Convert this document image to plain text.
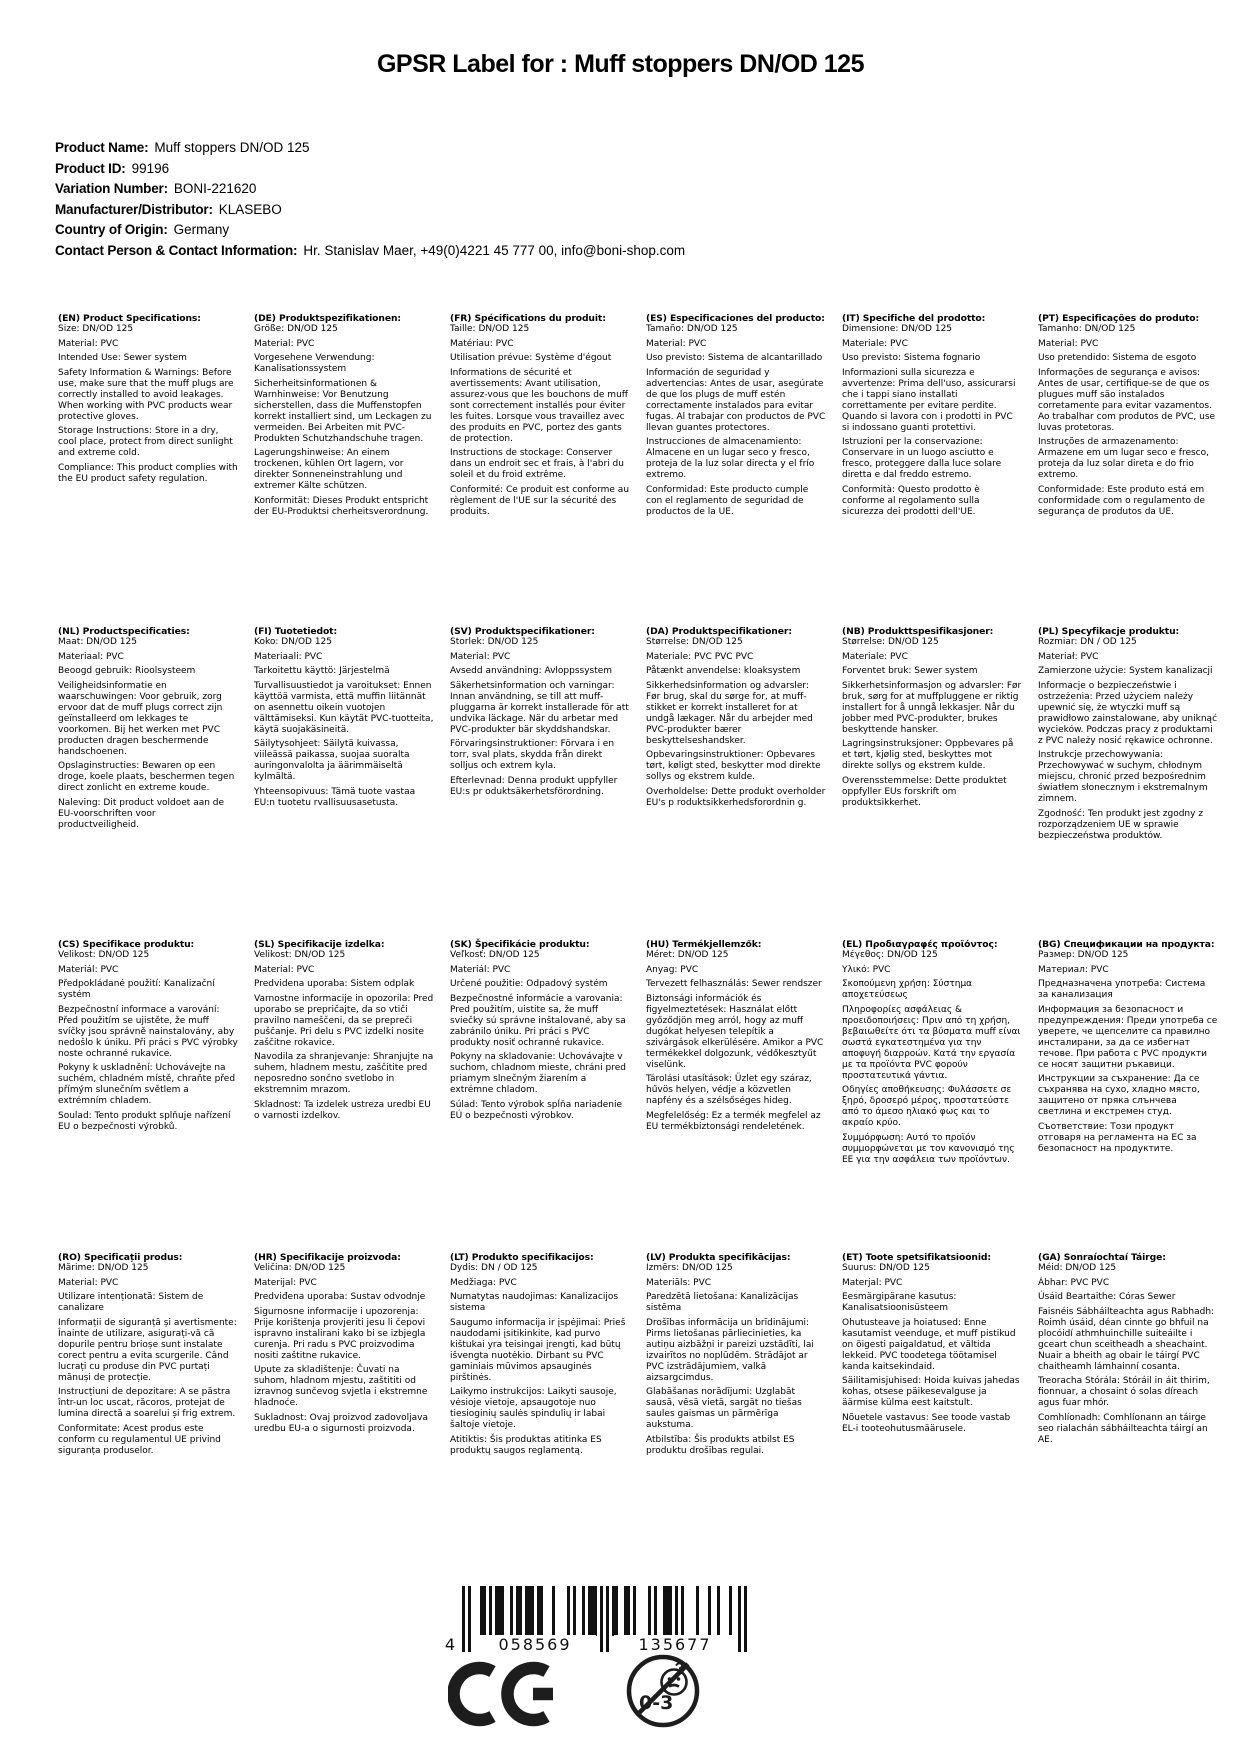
GPSR Label for : Muff stoppers DN/OD 125
Product Name: Muff stoppers DN/OD 125
Product ID: 99196
Variation Number: BONI-221620
Manufacturer/Distributor: KLASEBO
Country of Origin: Germany
Contact Person & Contact Information: Hr. Stanislav Maer, +49(0)4221 45 777 00, info@boni-shop.com
(EN) Product Specifications:

Size: DN/OD 125

Material: PVC

Intended Use: Sewer system

Safety Information & Warnings: Before use, make sure that the muff plugs are correctly installed to avoid leakages. When working with PVC products wear protective gloves.

Storage Instructions: Store in a dry, cool place, protect from direct sunlight and extreme cold.

Compliance: This product complies with the EU product safety regulation.

(DE) Produktspezifikationen:

Größe: DN/OD 125

Material: PVC

Vorgesehene Verwendung: Kanalisationssystem

Sicherheitsinformationen & Warnhinweise: Vor Benutzung sicherstellen, dass die Muffenstopfen korrekt installiert sind, um Leckagen zu vermeiden. Bei Arbeiten mit PVC-Produkten Schutzhandschuhe tragen.

Lagerungshinweise: An einem trockenen, kühlen Ort lagern, vor direkter Sonneneinstrahlung und extremer Kälte schützen.

Konformität: Dieses Produkt entspricht der EU-Produktsi cherheitsverordnung.

(FR) Spécifications du produit:

Taille: DN/OD 125

Matériau: PVC

Utilisation prévue: Système d'égout

Informations de sécurité et avertissements: Avant utilisation, assurez-vous que les bouchons de muff sont correctement installés pour éviter les fuites. Lorsque vous travaillez avec des produits en PVC, portez des gants de protection.

Instructions de stockage: Conserver dans un endroit sec et frais, à l'abri du soleil et du froid extrême.

Conformité: Ce produit est conforme au règlement de l'UE sur la sécurité des produits.

(ES) Especificaciones del producto:

Tamaño: DN/OD 125

Material: PVC

Uso previsto: Sistema de alcantarillado

Información de seguridad y advertencias: Antes de usar, asegúrate de que los plugs de muff estén correctamente instalados para evitar fugas. Al trabajar con productos de PVC llevan guantes protectores.

Instrucciones de almacenamiento: Almacene en un lugar seco y fresco, proteja de la luz solar directa y el frío extremo.

Conformidad: Este producto cumple con el reglamento de seguridad de productos de la UE.

(IT) Specifiche del prodotto:

Dimensione: DN/OD 125

Materiale: PVC

Uso previsto: Sistema fognario

Informazioni sulla sicurezza e avvertenze: Prima dell'uso, assicurarsi che i tappi siano installati correttamente per evitare perdite. Quando si lavora con i prodotti in PVC si indossano guanti protettivi.

Istruzioni per la conservazione: Conservare in un luogo asciutto e fresco, proteggere dalla luce solare diretta e dal freddo estremo.

Conformità: Questo prodotto è conforme al regolamento sulla sicurezza dei prodotti dell'UE.

(PT) Especificações do produto:

Tamanho: DN/OD 125

Material: PVC

Uso pretendido: Sistema de esgoto

Informações de segurança e avisos: Antes de usar, certifique-se de que os plugues muff são instalados corretamente para evitar vazamentos. Ao trabalhar com produtos de PVC, use luvas protetoras.

Instruções de armazenamento: Armazene em um lugar seco e fresco, proteja da luz solar direta e do frio extremo.

Conformidade: Este produto está em conformidade com o regulamento de segurança de produtos da UE.

(NL) Productspecificaties:

Maat: DN/OD 125

Materiaal: PVC

Beoogd gebruik: Rioolsysteem

Veiligheidsinformatie en waarschuwingen: Voor gebruik, zorg ervoor dat de muff plugs correct zijn geïnstalleerd om lekkages te voorkomen. Bij het werken met PVC producten dragen beschermende handschoenen.

Opslaginstructies: Bewaren op een droge, koele plaats, beschermen tegen direct zonlicht en extreme koude.

Naleving: Dit product voldoet aan de EU-voorschriften voor productveiligheid.

(FI) Tuotetiedot:

Koko: DN/OD 125

Materiaali: PVC

Tarkoitettu käyttö: Järjestelmä

Turvallisuustiedot ja varoitukset: Ennen käyttöä varmista, että muffin liitännät on asennettu oikein vuotojen välttämiseksi. Kun käytät PVC-tuotteita, käytä suojakäsineitä.

Säilytysohjeet: Säilytä kuivassa, viileässä paikassa, suojaa suoralta auringonvalolta ja äärimmäiseltä kylmältä.

Yhteensopivuus: Tämä tuote vastaa EU:n tuotetu rvallisuusasetusta.

(SV) Produktspecifikationer:

Storlek: DN/OD 125

Material: PVC

Avsedd användning: Avloppssystem

Säkerhetsinformation och varningar: Innan användning, se till att muff-pluggarna är korrekt installerade för att undvika läckage. När du arbetar med PVC-produkter bär skyddshandskar.

Förvaringsinstruktioner: Förvara i en torr, sval plats, skydda från direkt solljus och extrem kyla.

Efterlevnad: Denna produkt uppfyller EU:s pr oduktsäkerhetsförordning.

(DA) Produktspecifikationer:

Størrelse: DN/OD 125

Materiale: PVC PVC PVC

Påtænkt anvendelse: kloaksystem

Sikkerhedsinformation og advarsler: Før brug, skal du sørge for, at muff-stikket er korrekt installeret for at undgå lækager. Når du arbejder med PVC-produkter bærer beskyttelseshandsker.

Opbevaringsinstruktioner: Opbevares tørt, køligt sted, beskytter mod direkte sollys og ekstrem kulde.

Overholdelse: Dette produkt overholder EU's p roduktsikkerhedsforordnin g.

(NB) Produkttspesifikasjoner:

Størrelse: DN/OD 125

Materiale: PVC

Forventet bruk: Sewer system

Sikkerhetsinformasjon og advarsler: Før bruk, sørg for at muffpluggene er riktig installert for å unngå lekkasjer. Når du jobber med PVC-produkter, brukes beskyttende hansker.

Lagringsinstruksjoner: Oppbevares på et tørt, kjølig sted, beskyttes mot direkte sollys og ekstrem kulde.

Overensstemmelse: Dette produktet oppfyller EUs forskrift om produktsikkerhet.

(PL) Specyfikacje produktu:

Rozmiar: DN / OD 125

Materiał: PVC

Zamierzone użycie: System kanalizacji

Informacje o bezpieczeństwie i ostrzeżenia: Przed użyciem należy upewnić się, że wtyczki muff są prawidłowo zainstalowane, aby uniknąć wycieków. Podczas pracy z produktami z PVC należy nosić rękawice ochronne.

Instrukcje przechowywania: Przechowywać w suchym, chłodnym miejscu, chronić przed bezpośrednim światłem słonecznym i ekstremalnym zimnem.

Zgodność: Ten produkt jest zgodny z rozporządzeniem UE w sprawie bezpieczeństwa produktów.

(CS) Specifikace produktu:

Velikost: DN/OD 125

Materiál: PVC

Předpokládané použití: Kanalizační systém

Bezpečnostní informace a varování: Před použitím se ujistěte, že muff svíčky jsou správně nainstalovány, aby nedošlo k úniku. Při práci s PVC výrobky noste ochranné rukavice.

Pokyny k uskladnění: Uchovávejte na suchém, chladném místě, chraňte před přímým slunečním světlem a extrémním chladem.

Soulad: Tento produkt splňuje nařízení EU o bezpečnosti výrobků.

(SL) Specifikacije izdelka:

Velikost: DN/OD 125

Material: PVC

Predvidena uporaba: Sistem odplak

Varnostne informacije in opozorila: Pred uporabo se prepričajte, da so vtiči pravilno nameščeni, da se prepreči puščanje. Pri delu s PVC izdelki nosite zaščitne rokavice.

Navodila za shranjevanje: Shranjujte na suhem, hladnem mestu, zaščitite pred neposredno sončno svetlobo in ekstremnim mrazom.

Skladnost: Ta izdelek ustreza uredbi EU o varnosti izdelkov.

(SK) Špecifikácie produktu:

Veľkosť: DN/OD 125

Materiál: PVC

Určené použitie: Odpadový systém

Bezpečnostné informácie a varovania: Pred použitím, uistite sa, že muff sviečky sú správne inštalované, aby sa zabránilo úniku. Pri práci s PVC produkty nosiť ochranné rukavice.

Pokyny na skladovanie: Uchovávajte v suchom, chladnom mieste, chráni pred priamym slnečným žiarením a extrémne chladom.

Súlad: Tento výrobok spĺňa nariadenie EÚ o bezpečnosti výrobkov.

(HU) Termékjellemzők:

Méret: DN/OD 125

Anyag: PVC

Tervezett felhasználás: Sewer rendszer

Biztonsági információk és figyelmeztetések: Használat előtt győződjön meg arról, hogy az muff dugókat helyesen telepítik a szivárgások elkerülésére. Amikor a PVC termékekkel dolgozunk, védőkesztyűt viselünk.

Tárolási utasítások: Üzlet egy száraz, hűvös helyen, védje a közvetlen napfény és a szélsőséges hideg.

Megfelelőség: Ez a termék megfelel az EU termékbiztonsági rendeletének.

(EL) Προδιαγραφές προϊόντος:

Μέγεθος: DN/OD 125

Υλικό: PVC

Σκοπούμενη χρήση: Σύστημα αποχετεύσεως

Πληροφορίες ασφάλειας & προειδοποιήσεις: Πριν από τη χρήση, βεβαιωθείτε ότι τα βύσματα muff είναι σωστά εγκατεστημένα για την αποφυγή διαρροών. Κατά την εργασία με τα προϊόντα PVC φορούν προστατευτικά γάντια.

Οδηγίες αποθήκευσης: Φυλάσσετε σε ξηρό, δροσερό μέρος, προστατεύστε από το άμεσο ηλιακό φως και το ακραίο κρύο.

Συμμόρφωση: Αυτό το προϊόν συμμορφώνεται με τον κανονισμό της ΕΕ για την ασφάλεια των προϊόντων.

(BG) Спецификации на продукта:

Размер: DN/OD 125

Материал: PVC

Предназначена употреба: Система за канализация

Информация за безопасност и предупреждения: Преди употреба се уверете, че щепселите са правилно инсталирани, за да се избегнат течове. При работа с PVC продукти се носят защитни ръкавици.

Инструкции за съхранение: Да се съхранява на сухо, хладно място, защитено от пряка слънчева светлина и екстремен студ.

Съответствие: Този продукт отговаря на регламента на ЕС за безопасност на продуктите.

(RO) Specificații produs:

Mărime: DN/OD 125

Material: PVC

Utilizare intenționată: Sistem de canalizare

Informații de siguranță și avertismente: Înainte de utilizare, asigurați-vă că dopurile pentru brioșe sunt instalate corect pentru a evita scurgerile. Când lucrați cu produse din PVC purtați mănuși de protecție.

Instrucțiuni de depozitare: A se păstra într-un loc uscat, răcoros, protejat de lumina directă a soarelui și frig extrem.

Conformitate: Acest produs este conform cu regulamentul UE privind siguranța produselor.

(HR) Specifikacije proizvoda:

Veličina: DN/OD 125

Materijal: PVC

Predviđena uporaba: Sustav odvodnje

Sigurnosne informacije i upozorenja: Prije korištenja provjeriti jesu li čepovi ispravno instalirani kako bi se izbjegla curenja. Pri radu s PVC proizvodima nositi zaštitne rukavice.

Upute za skladištenje: Čuvati na suhom, hladnom mjestu, zaštititi od izravnog sunčevog svjetla i ekstremne hladnoće.

Sukladnost: Ovaj proizvod zadovoljava uredbu EU-a o sigurnosti proizvoda.

(LT) Produkto specifikacijos:

Dydis: DN / OD 125

Medžiaga: PVC

Numatytas naudojimas: Kanalizacijos sistema

Saugumo informacija ir įspėjimai: Prieš naudodami įsitikinkite, kad purvo kištukai yra teisingai įrengti, kad būtų išvengta nuotėkio. Dirbant su PVC gaminiais mūvimos apsauginės pirštinės.

Laikymo instrukcijos: Laikyti sausoje, vėsioje vietoje, apsaugotoje nuo tiesioginių saulės spindulių ir labai šaltoje vietoje.

Atitiktis: Šis produktas atitinka ES produktų saugos reglamentą.

(LV) Produkta specifikācijas:

Izmērs: DN/OD 125

Materiāls: PVC

Paredzētā lietošana: Kanalizācijas sistēma

Drošības informācija un brīdinājumi: Pirms lietošanas pārliecinieties, ka autiņu aizbāžņi ir pareizi uzstādīti, lai izvairītos no noplūdēm. Strādājot ar PVC izstrādājumiem, valkā aizsargcimdus.

Glabāšanas norādījumi: Uzglabāt sausā, vēsā vietā, sargāt no tiešas saules gaismas un pārmērīga aukstuma.

Atbilstība: Šis produkts atbilst ES produktu drošības regulai.

(ET) Toote spetsifikatsioonid:

Suurus: DN/OD 125

Materjal: PVC

Eesmärgipärane kasutus: Kanalisatsioonisüsteem

Ohutusteave ja hoiatused: Enne kasutamist veenduge, et muff pistikud on õigesti paigaldatud, et vältida lekkeid. PVC toodetega töötamisel kanda kaitsekindaid.

Säilitamisjuhised: Hoida kuivas jahedas kohas, otsese päikesevalguse ja äärmise külma eest kaitstult.

Nõuetele vastavus: See toode vastab EL-i tooteohutusmäärusele.

(GA) Sonraíochtaí Táirge:

Méid: DN/OD 125

Ábhar: PVC PVC

Úsáid Beartaithe: Córas Sewer

Faisnéis Sábháilteachta agus Rabhadh: Roimh úsáid, déan cinnte go bhfuil na plocóidí athmhuinchille suiteáilte i gceart chun sceitheadh a sheachaint. Nuair a bheith ag obair le táirgí PVC chaitheamh lámhainní cosanta.

Treoracha Stórála: Stóráil in áit thirim, fionnuar, a chosaint ó solas díreach agus fuar mhór.

Comhlíonadh: Comhlíonann an táirge seo rialachán sábháilteachta táirgí an AE.

4	058569	135677
0-3
